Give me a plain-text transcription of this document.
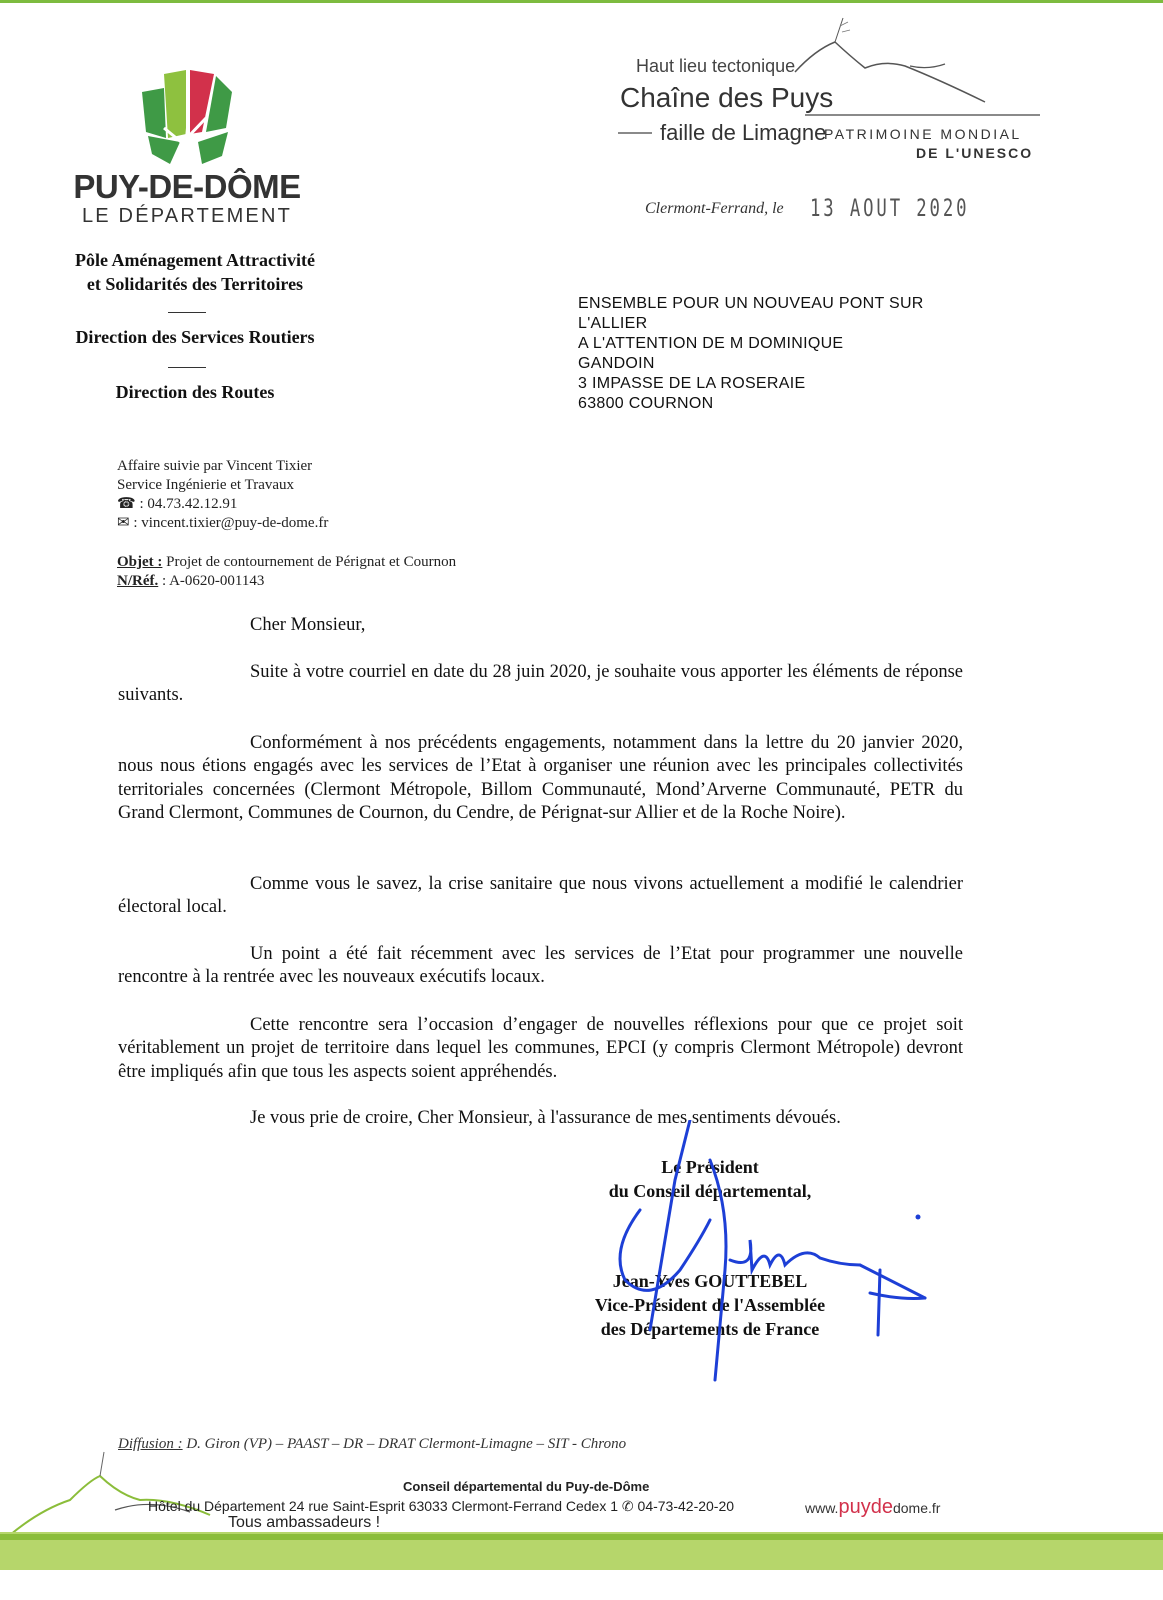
PUY-DE-DÔME
LE DÉPARTEMENT
Haut lieu tectonique
Chaîne des Puys
faille de Limagne
PATRIMOINE MONDIAL
DE L'UNESCO
Clermont-Ferrand, le 13 AOUT 2020
Pôle Aménagement Attractivité
et Solidarités des Territoires
Direction des Services Routiers
Direction des Routes
ENSEMBLE POUR UN NOUVEAU PONT SUR
L'ALLIER
A L'ATTENTION DE M DOMINIQUE
GANDOIN
3 IMPASSE DE LA ROSERAIE
63800 COURNON
Affaire suivie par Vincent Tixier
Service Ingénierie et Travaux
☎ : 04.73.42.12.91
✉ : vincent.tixier@puy-de-dome.fr
Objet : Projet de contournement de Pérignat et Cournon
N/Réf. : A-0620-001143
Cher Monsieur,
Suite à votre courriel en date du 28 juin 2020, je souhaite vous apporter les éléments de réponse suivants.
Conformément à nos précédents engagements, notamment dans la lettre du 20 janvier 2020, nous nous étions engagés avec les services de l’Etat à organiser une réunion avec les principales collectivités territoriales concernées (Clermont Métropole, Billom Communauté, Mond’Arverne Communauté, PETR du Grand Clermont, Communes de Cournon, du Cendre, de Pérignat-sur Allier et de la Roche Noire).
Comme vous le savez, la crise sanitaire que nous vivons actuellement a modifié le calendrier électoral local.
Un point a été fait récemment avec les services de l’Etat pour programmer une nouvelle rencontre à la rentrée avec les nouveaux exécutifs locaux.
Cette rencontre sera l’occasion d’engager de nouvelles réflexions pour que ce projet soit véritablement un projet de territoire dans lequel les communes, EPCI (y compris Clermont Métropole) devront être impliqués afin que tous les aspects soient appréhendés.
Je vous prie de croire, Cher Monsieur, à l'assurance de mes sentiments dévoués.
Le Président
du Conseil départemental,
Jean-Yves GOUTTEBEL
Vice-Président de l'Assemblée
des Départements de France
Diffusion : D. Giron (VP) – PAAST – DR – DRAT Clermont-Limagne – SIT - Chrono
Conseil départemental du Puy-de-Dôme
Hôtel du Département 24 rue Saint-Esprit 63033 Clermont-Ferrand Cedex 1 ✆ 04-73-42-20-20
Tous ambassadeurs !
www.puydedome.fr
